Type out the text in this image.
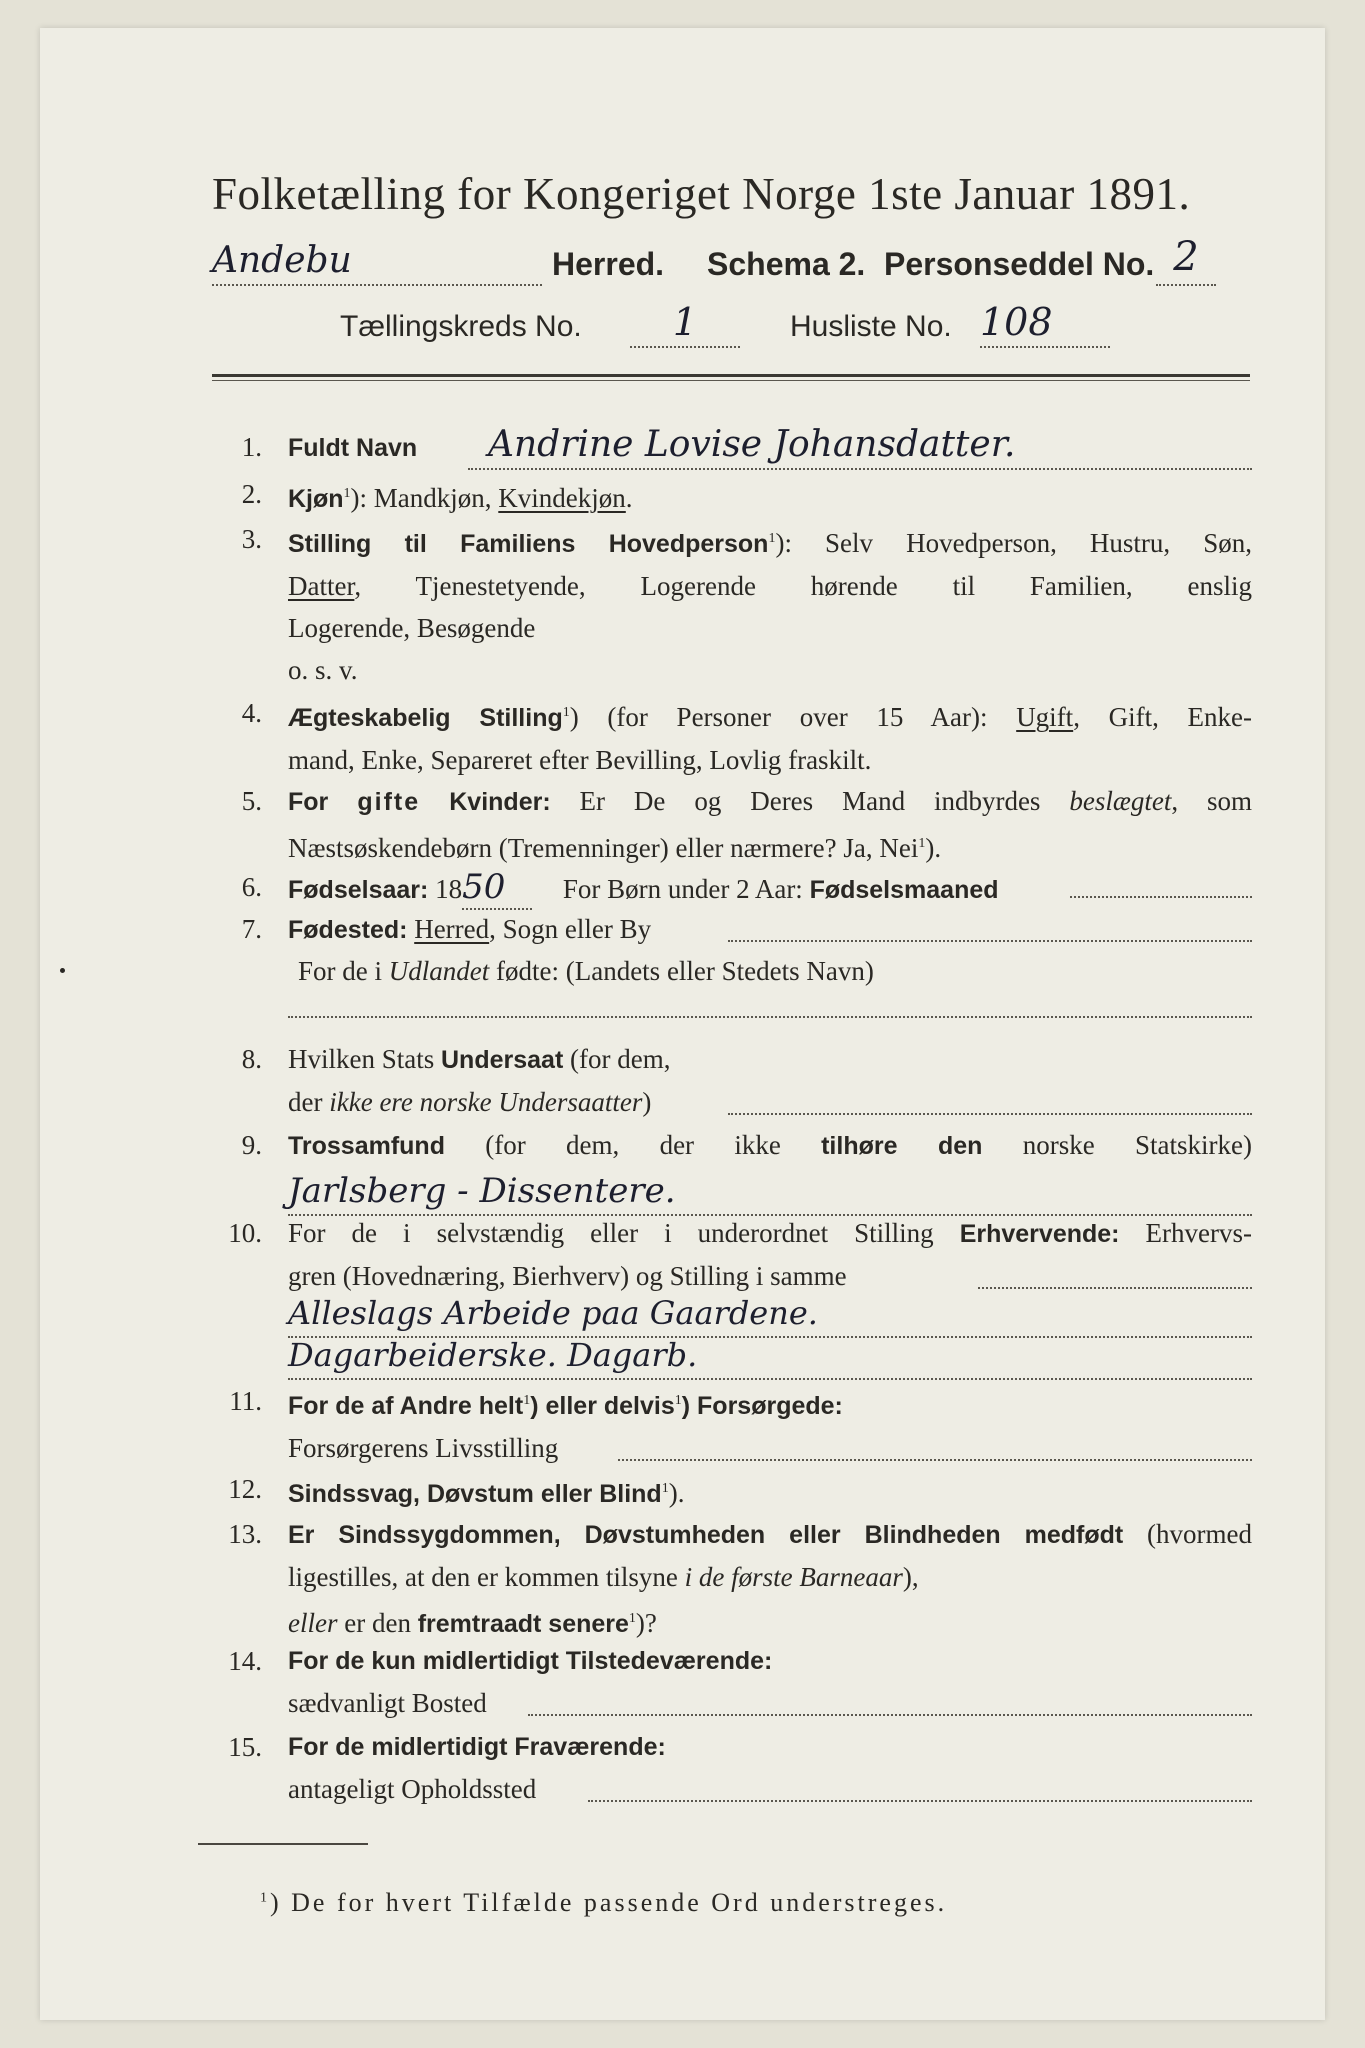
Folketælling for Kongeriget Norge 1ste Januar 1891.
Andebu	Herred. Schema 2. Personseddel No. 2
Tællingskreds No.	1	Husliste No. 108
1. Fuldt Navn Andrine Lovise Johansdatter.
2. Kjøn$^1$): Mandkjøn, Kvindekjøn.
3. Stilling til Familiens Hovedperson$^1$): Selv Hovedperson, Hustru, Søn,
Datter, Tjenestetyende, Logerende hørende til Familien, enslig
Logerende, Besøgende
o. s. v.
4. Ægteskabelig Stilling$^1$) (for Personer over 15 Aar): Ugift, Gift, Enke-
mand, Enke, Separeret efter Bevilling, Lovlig fraskilt.
5. For gifte Kvinder: Er De og Deres Mand indbyrdes beslægtet, som
Næstsøskendebørn (Tremenninger) eller nærmere? Ja, Nei$^1$).
6. Fødselsaar: 1850 For Børn under 2 Aar: Fødselsmaaned
7. Fødested: Herred, Sogn eller By
For de i Udlandet fødte: (Landets eller Stedets Navn)
8. Hvilken Stats Undersaat (for dem,
der ikke ere norske Undersaatter)
9. Trossamfund (for dem, der ikke tilhøre den norske Statskirke)
Jarlsberg - Dissentere.
10. For de i selvstændig eller i underordnet Stilling Erhvervende: Erhvervs-
gren (Hovednæring, Bierhverv) og Stilling i samme
Alleslags Arbeide paa Gaardene.
Dagarbeiderske. Dagarb.
11. For de af Andre helt$^1$) eller delvis$^1$) Forsørgede:
Forsørgerens Livsstilling
12. Sindssvag, Døvstum eller Blind$^1$).
13. Er Sindssygdommen, Døvstumheden eller Blindheden medfødt (hvormed
ligestilles, at den er kommen tilsyne i de første Barneaar),
eller er den fremtraadt senere$^1$)?
14. For de kun midlertidigt Tilstedeværende:
sædvanligt Bosted
15. For de midlertidigt Fraværende:
antageligt Opholdssted
$^1$) De for hvert Tilfælde passende Ord understreges.
